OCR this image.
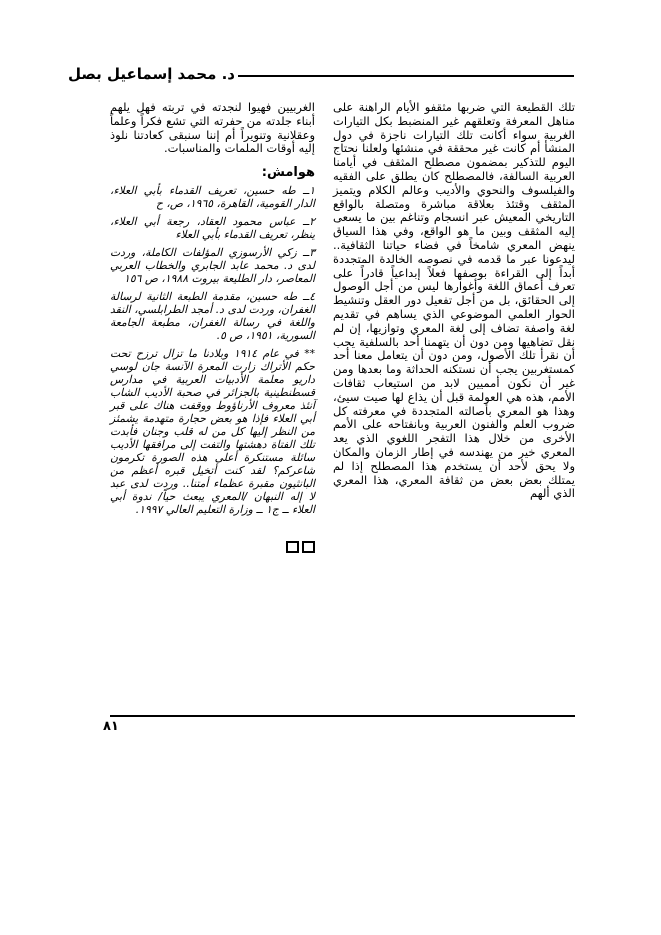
د. محمد إسماعيل بصل

تلك القطيعة التي ضربها مثقفو الأيام الراهنة على مناهل المعرفة وتعلقهم غير المنضبط بكل التيارات الغربية سواء أكانت تلك التيارات ناجزة في دول المنشأ أم كانت غير محققة في منشئها ولعلنا نحتاج اليوم للتذكير بمضمون مصطلح المثقف في أيامنا العربية السالفة، فالمصطلح كان يطلق على الفقيه والفيلسوف والنحوي والأديب وعالم الكلام ويتميز المثقف وقتئذ بعلاقة مباشرة ومتصلة بالواقع التاريخي المعيش عبر انسجام وتناغم بين ما يسعى إليه المثقف وبين ما هو الواقع، وفي هذا السياق ينهض المعري شامخاً في فضاء حياتنا الثقافية.. ليدعونا عبر ما قدمه في نصوصه الخالدة المتجددة أبداً إلى القراءة بوصفها فعلاً إبداعياً قادراً على تعرف أعماق اللغة وأغوارها ليس من أجل الوصول إلى الحقائق، بل من أجل تفعيل دور العقل وتنشيط الحوار العلمي الموضوعي الذي يساهم في تقديم لغة واصفة تضاف إلى لغة المعري وتوازيها، إن لم نقل تضاهيها ومن دون أن يتهمنا أحد بالسلفية يجب أن نقرأ تلك الأصول، ومن دون أن يتعامل معنا أحد كمستغربين يجب أن نستكنه الحداثة وما بعدها ومن غير أن نكون أمميين لابد من استيعاب ثقافات الأمم، هذه هي العولمة قبل أن يذاع لها صيت سيئ، وهذا هو المعري بأصالته المتجددة في معرفته كل ضروب العلم والفنون العربية وبانفتاحه على الأمم الأخرى من خلال هذا التفجر اللغوي الذي يعد المعري خير من يهندسه في إطار الزمان والمكان ولا يحق لأحد أن يستخدم هذا المصطلح إذا لم يمتلك بعض بعض من ثقافة المعري، هذا المعري الذي ألهم

الغربيين فهيوا لنجدته في تربته فهل يلهم أبناء جلدته من حفرته التي تشع فكراً وعلماً وعقلانية وتنويراً أم إننا سنبقى كعادتنا نلوذ إليه أوقات الملمات والمناسبات.

هوامش:
١ــ طه حسين، تعريف القدماء بأبي العلاء، الدار القومية، القاهرة، ١٩٦٥، ص، ح
٢ــ عباس محمود العقاد، رجعة أبي العلاء، ينظر، تعريف القدماء بأبي العلاء
٣ــ زكي الأرسوزي المؤلفات الكاملة، وردت لدى د. محمد عابد الجابري والخطاب العربي المعاصر، دار الطليعة بيروت ١٩٨٨، ص ١٥٦
٤ــ طه حسين، مقدمة الطبعة الثانية لرسالة الغفران، وردت لدى د. أمجد الطرابلسي، النقد واللغة في رسالة الغفران، مطبعة الجامعة السورية، ١٩٥١، ص ٥.
** في عام ١٩١٤ وبلادنا ما تزال ترزح تحت حكم الأتراك زارت المعرة الآنسة جان لوسي داريو معلمة الأدبيات العربية في مدارس قسطنطينية بالجزائر في صحبة الأديب الشاب آنئذ معروف الأرناؤوط ووقفت هناك على قبر أبي العلاء فإذا هو بعض حجارة متهدمة يشمئز من النظر إليها كل من له قلب وجنان فأبدت تلك الفتاة دهشتها والتفت إلى مرافقها الأديب سائلة مستنكرة أعلى هذه الصورة تكرمون شاعركم؟ لقد كنت أتخيل قبره أعظم من البانثيون مقبرة عظماء أمتنا.. وردت لدى عبد لا إله النبهان /المعري يبعث حياً/ ندوة أبي العلاء ــ ج١ ــ وزارة التعليم العالي ١٩٩٧.
٨١
